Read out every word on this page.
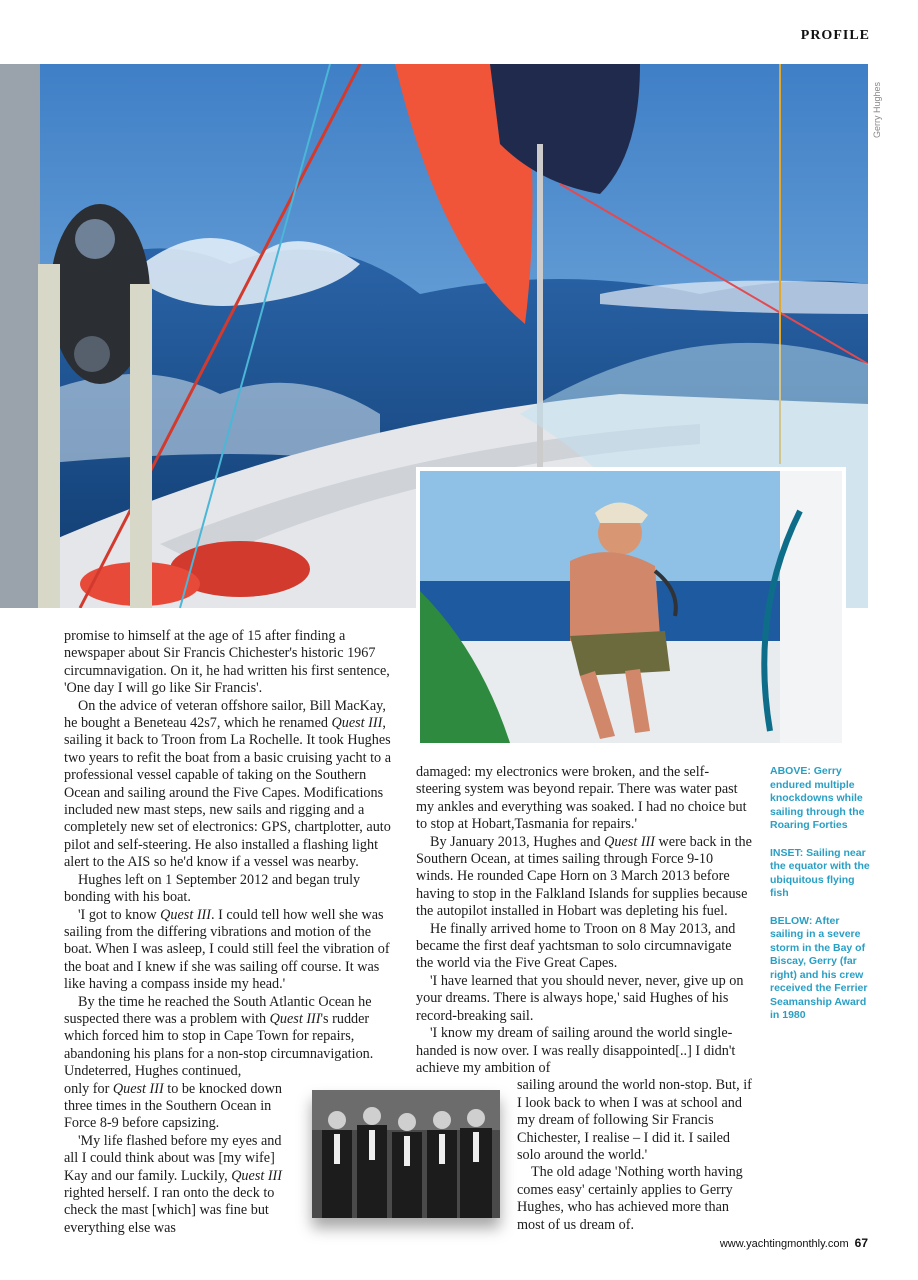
PROFILE
Gerry Hughes

promise to himself at the age of 15 after finding a newspaper about Sir Francis Chichester's historic 1967 circumnavigation. On it, he had written his first sentence, 'One day I will go like Sir Francis'.

On the advice of veteran offshore sailor, Bill MacKay, he bought a Beneteau 42s7, which he renamed Quest III, sailing it back to Troon from La Rochelle. It took Hughes two years to refit the boat from a basic cruising yacht to a professional vessel capable of taking on the Southern Ocean and sailing around the Five Capes. Modifications included new mast steps, new sails and rigging and a completely new set of electronics: GPS, chartplotter, auto pilot and self-steering. He also installed a flashing light alert to the AIS so he'd know if a vessel was nearby.

Hughes left on 1 September 2012 and began truly bonding with his boat.

'I got to know Quest III. I could tell how well she was sailing from the differing vibrations and motion of the boat. When I was asleep, I could still feel the vibration of the boat and I knew if she was sailing off course. It was like having a compass inside my head.'

By the time he reached the South Atlantic Ocean he suspected there was a problem with Quest III's rudder which forced him to stop in Cape Town for repairs, abandoning his plans for a non-stop circumnavigation. Undeterred, Hughes continued,

only for Quest III to be knocked down three times in the Southern Ocean in Force 8-9 before capsizing.

'My life flashed before my eyes and all I could think about was [my wife] Kay and our family. Luckily, Quest III righted herself. I ran onto the deck to check the mast [which] was fine but everything else was

damaged: my electronics were broken, and the self-steering system was beyond repair. There was water past my ankles and everything was soaked. I had no choice but to stop at Hobart,Tasmania for repairs.'

By January 2013, Hughes and Quest III were back in the Southern Ocean, at times sailing through Force 9-10 winds. He rounded Cape Horn on 3 March 2013 before having to stop in the Falkland Islands for supplies because the autopilot installed in Hobart was depleting his fuel.

He finally arrived home to Troon on 8 May 2013, and became the first deaf yachtsman to solo circumnavigate the world via the Five Great Capes.

'I have learned that you should never, never, give up on your dreams. There is always hope,' said Hughes of his record-breaking sail.

'I know my dream of sailing around the world single-handed is now over. I was really disappointed[..] I didn't achieve my ambition of

sailing around the world non-stop. But, if I look back to when I was at school and my dream of following Sir Francis Chichester, I realise – I did it. I sailed solo around the world.'

The old adage 'Nothing worth having comes easy' certainly applies to Gerry Hughes, who has achieved more than most of us dream of.

ABOVE: Gerry endured multiple knockdowns while sailing through the Roaring Forties
INSET: Sailing near the equator with the ubiquitous flying fish
BELOW: After sailing in a severe storm in the Bay of Biscay, Gerry (far right) and his crew received the Ferrier Seamanship Award in 1980
www.yachtingmonthly.com 67
